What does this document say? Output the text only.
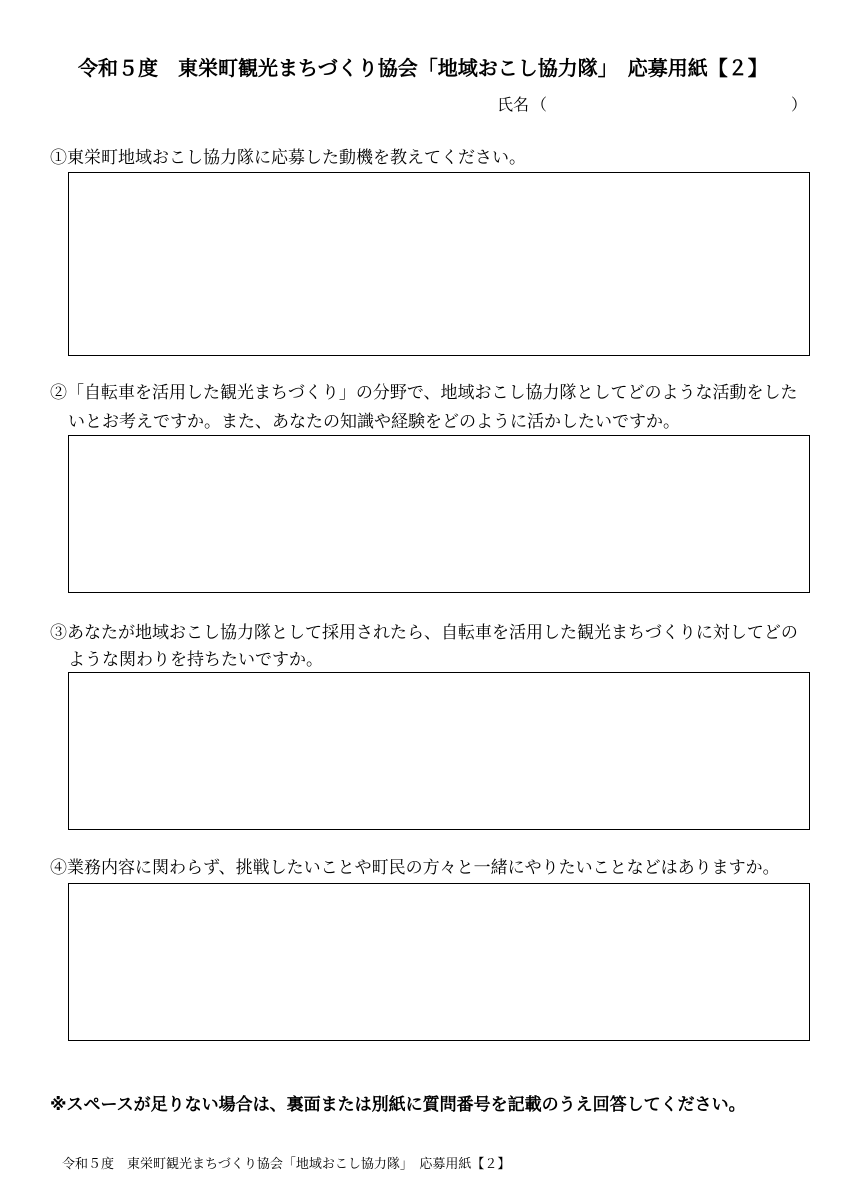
令和５度　東栄町観光まちづくり協会「地域おこし協力隊」　応募用紙【２】
氏名 （	）
①東栄町地域おこし協力隊に応募した動機を教えてください。
②「自転車を活用した観光まちづくり」の分野で、地域おこし協力隊としてどのような活動をした
いとお考えですか。また、あなたの知識や経験をどのように活かしたいですか。
③あなたが地域おこし協力隊として採用されたら、自転車を活用した観光まちづくりに対してどの
ような関わりを持ちたいですか。
④業務内容に関わらず、挑戦したいことや町民の方々と一緒にやりたいことなどはありますか。
※スペースが足りない場合は、裏面または別紙に質問番号を記載のうえ回答してください。
令和５度　東栄町観光まちづくり協会「地域おこし協力隊」　応募用紙【２】
